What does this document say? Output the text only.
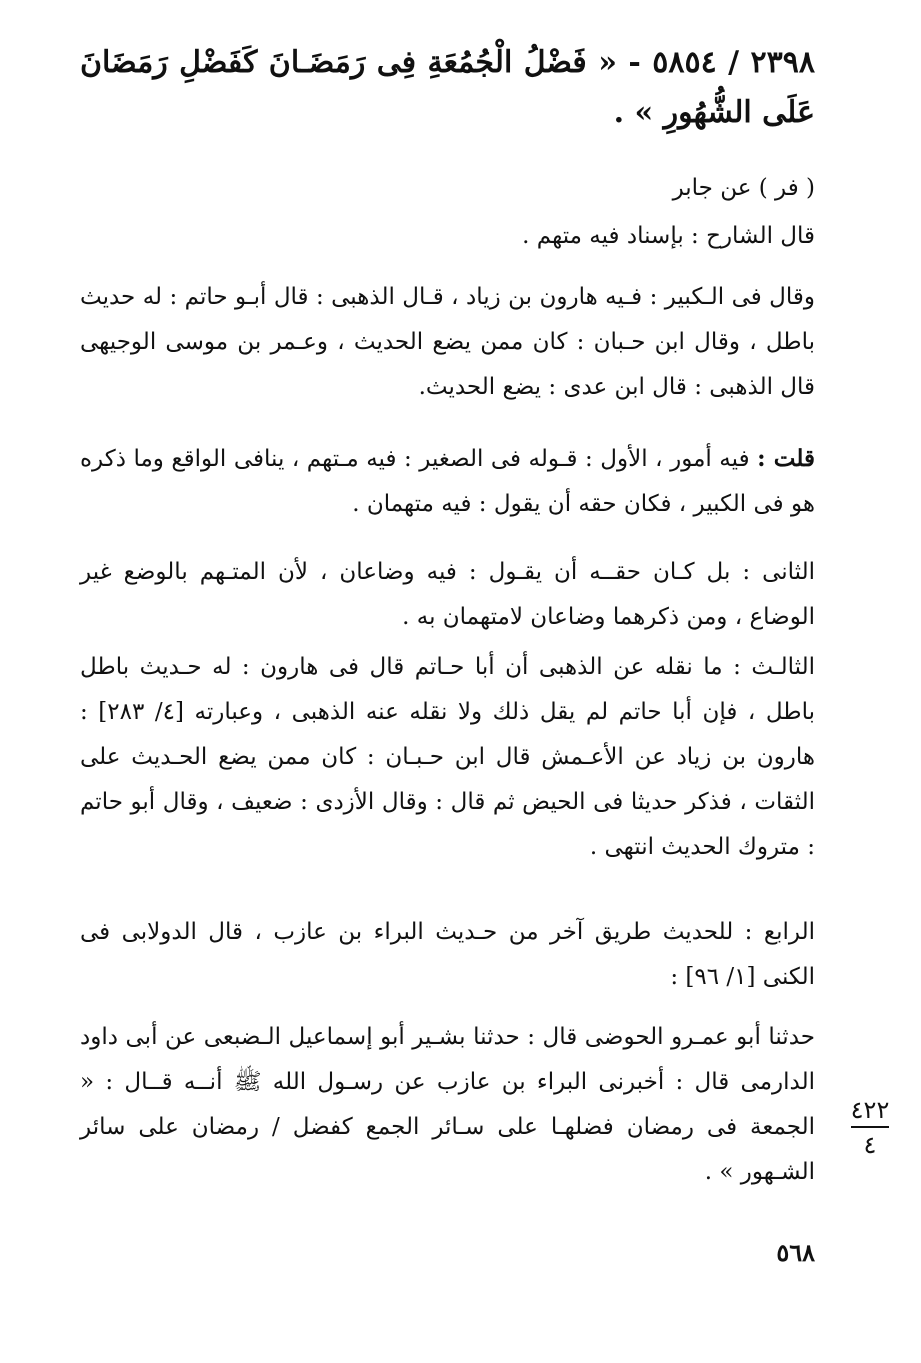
٢٣٩٨ / ٥٨٥٤ - « فَضْلُ الْجُمُعَةِ فِى رَمَضَـانَ كَفَضْلِ رَمَضَانَ عَلَى الشُّهُورِ » .
( فر ) عن جابر
قال الشارح : بإسناد فيه متهم .
وقال فى الـكبير : فـيه هارون بن زياد ، قـال الذهبى : قال أبـو حاتم : له حديث باطل ، وقال ابن حـبان : كان ممن يضع الحديث ، وعـمر بن موسى الوجيهى قال الذهبى : قال ابن عدى : يضع الحديث.
قلت : فيه أمور ، الأول : قـوله فى الصغير : فيه مـتهم ، ينافى الواقع وما ذكره هو فى الكبير ، فكان حقه أن يقول : فيه متهمان .
الثانى : بل كـان حقــه أن يقـول : فيه وضاعان ، لأن المتـهم بالوضع غير الوضاع ، ومن ذكرهما وضاعان لامتهمان به .
الثالـث : ما نقله عن الذهبى أن أبا حـاتم قال فى هارون : له حـديث باطل باطل ، فإن أبا حاتم لم يقل ذلك ولا نقله عنه الذهبى ، وعبارته [٤/ ٢٨٣] : هارون بن زياد عن الأعـمش قال ابن حـبـان : كان ممن يضع الحـديث على الثقات ، فذكر حديثا فى الحيض ثم قال : وقال الأزدى : ضعيف ، وقال أبو حاتم : متروك الحديث انتهى .
الرابع : للحديث طريق آخر من حـديث البراء بن عازب ، قال الدولابى فى الكنى [١/ ٩٦] :
حدثنا أبو عمـرو الحوضى قال : حدثنا بشـير أبو إسماعيل الـضبعى عن أبى داود الدارمى قال : أخبرنى البراء بن عازب عن رسـول الله ﷺ أنــه قــال : « الجمعة فى رمضان فضلهـا على سـائر الجمع كفضل / رمضان على سائر الشـهور » .
٤٢٢
٤
٥٦٨
